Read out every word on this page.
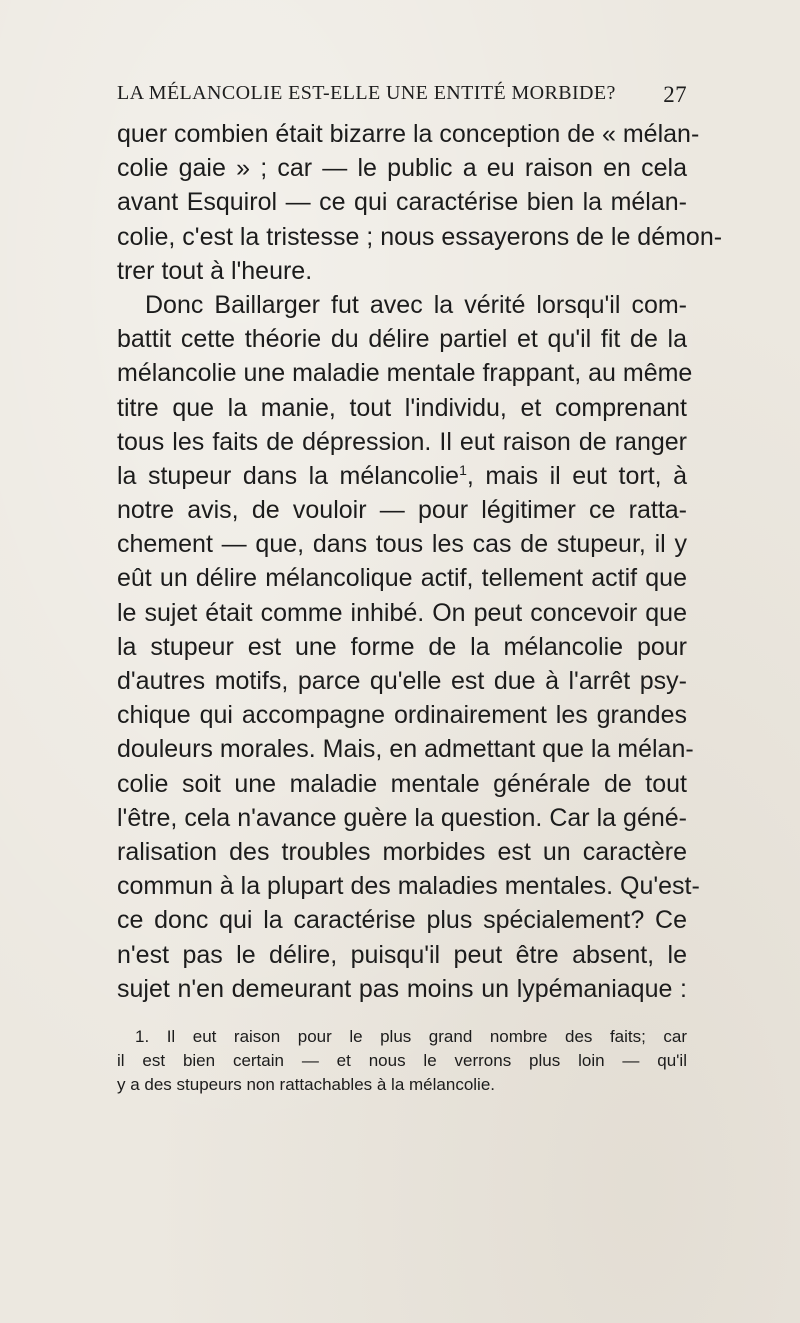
LA MÉLANCOLIE EST-ELLE UNE ENTITÉ MORBIDE? 27
quer combien était bizarre la conception de « mélan-
colie gaie » ; car — le public a eu raison en cela
avant Esquirol — ce qui caractérise bien la mélan-
colie, c'est la tristesse ; nous essayerons de le démon-
trer tout à l'heure.
Donc Baillarger fut avec la vérité lorsqu'il com-
battit cette théorie du délire partiel et qu'il fit de la
mélancolie une maladie mentale frappant, au même
titre que la manie, tout l'individu, et comprenant
tous les faits de dépression. Il eut raison de ranger
la stupeur dans la mélancolie$^1$, mais il eut tort, à
notre avis, de vouloir — pour légitimer ce ratta-
chement — que, dans tous les cas de stupeur, il y
eût un délire mélancolique actif, tellement actif que
le sujet était comme inhibé. On peut concevoir que
la stupeur est une forme de la mélancolie pour
d'autres motifs, parce qu'elle est due à l'arrêt psy-
chique qui accompagne ordinairement les grandes
douleurs morales. Mais, en admettant que la mélan-
colie soit une maladie mentale générale de tout
l'être, cela n'avance guère la question. Car la géné-
ralisation des troubles morbides est un caractère
commun à la plupart des maladies mentales. Qu'est-
ce donc qui la caractérise plus spécialement? Ce
n'est pas le délire, puisqu'il peut être absent, le
sujet n'en demeurant pas moins un lypémaniaque :
1. Il eut raison pour le plus grand nombre des faits; car
il est bien certain — et nous le verrons plus loin — qu'il
y a des stupeurs non rattachables à la mélancolie.
